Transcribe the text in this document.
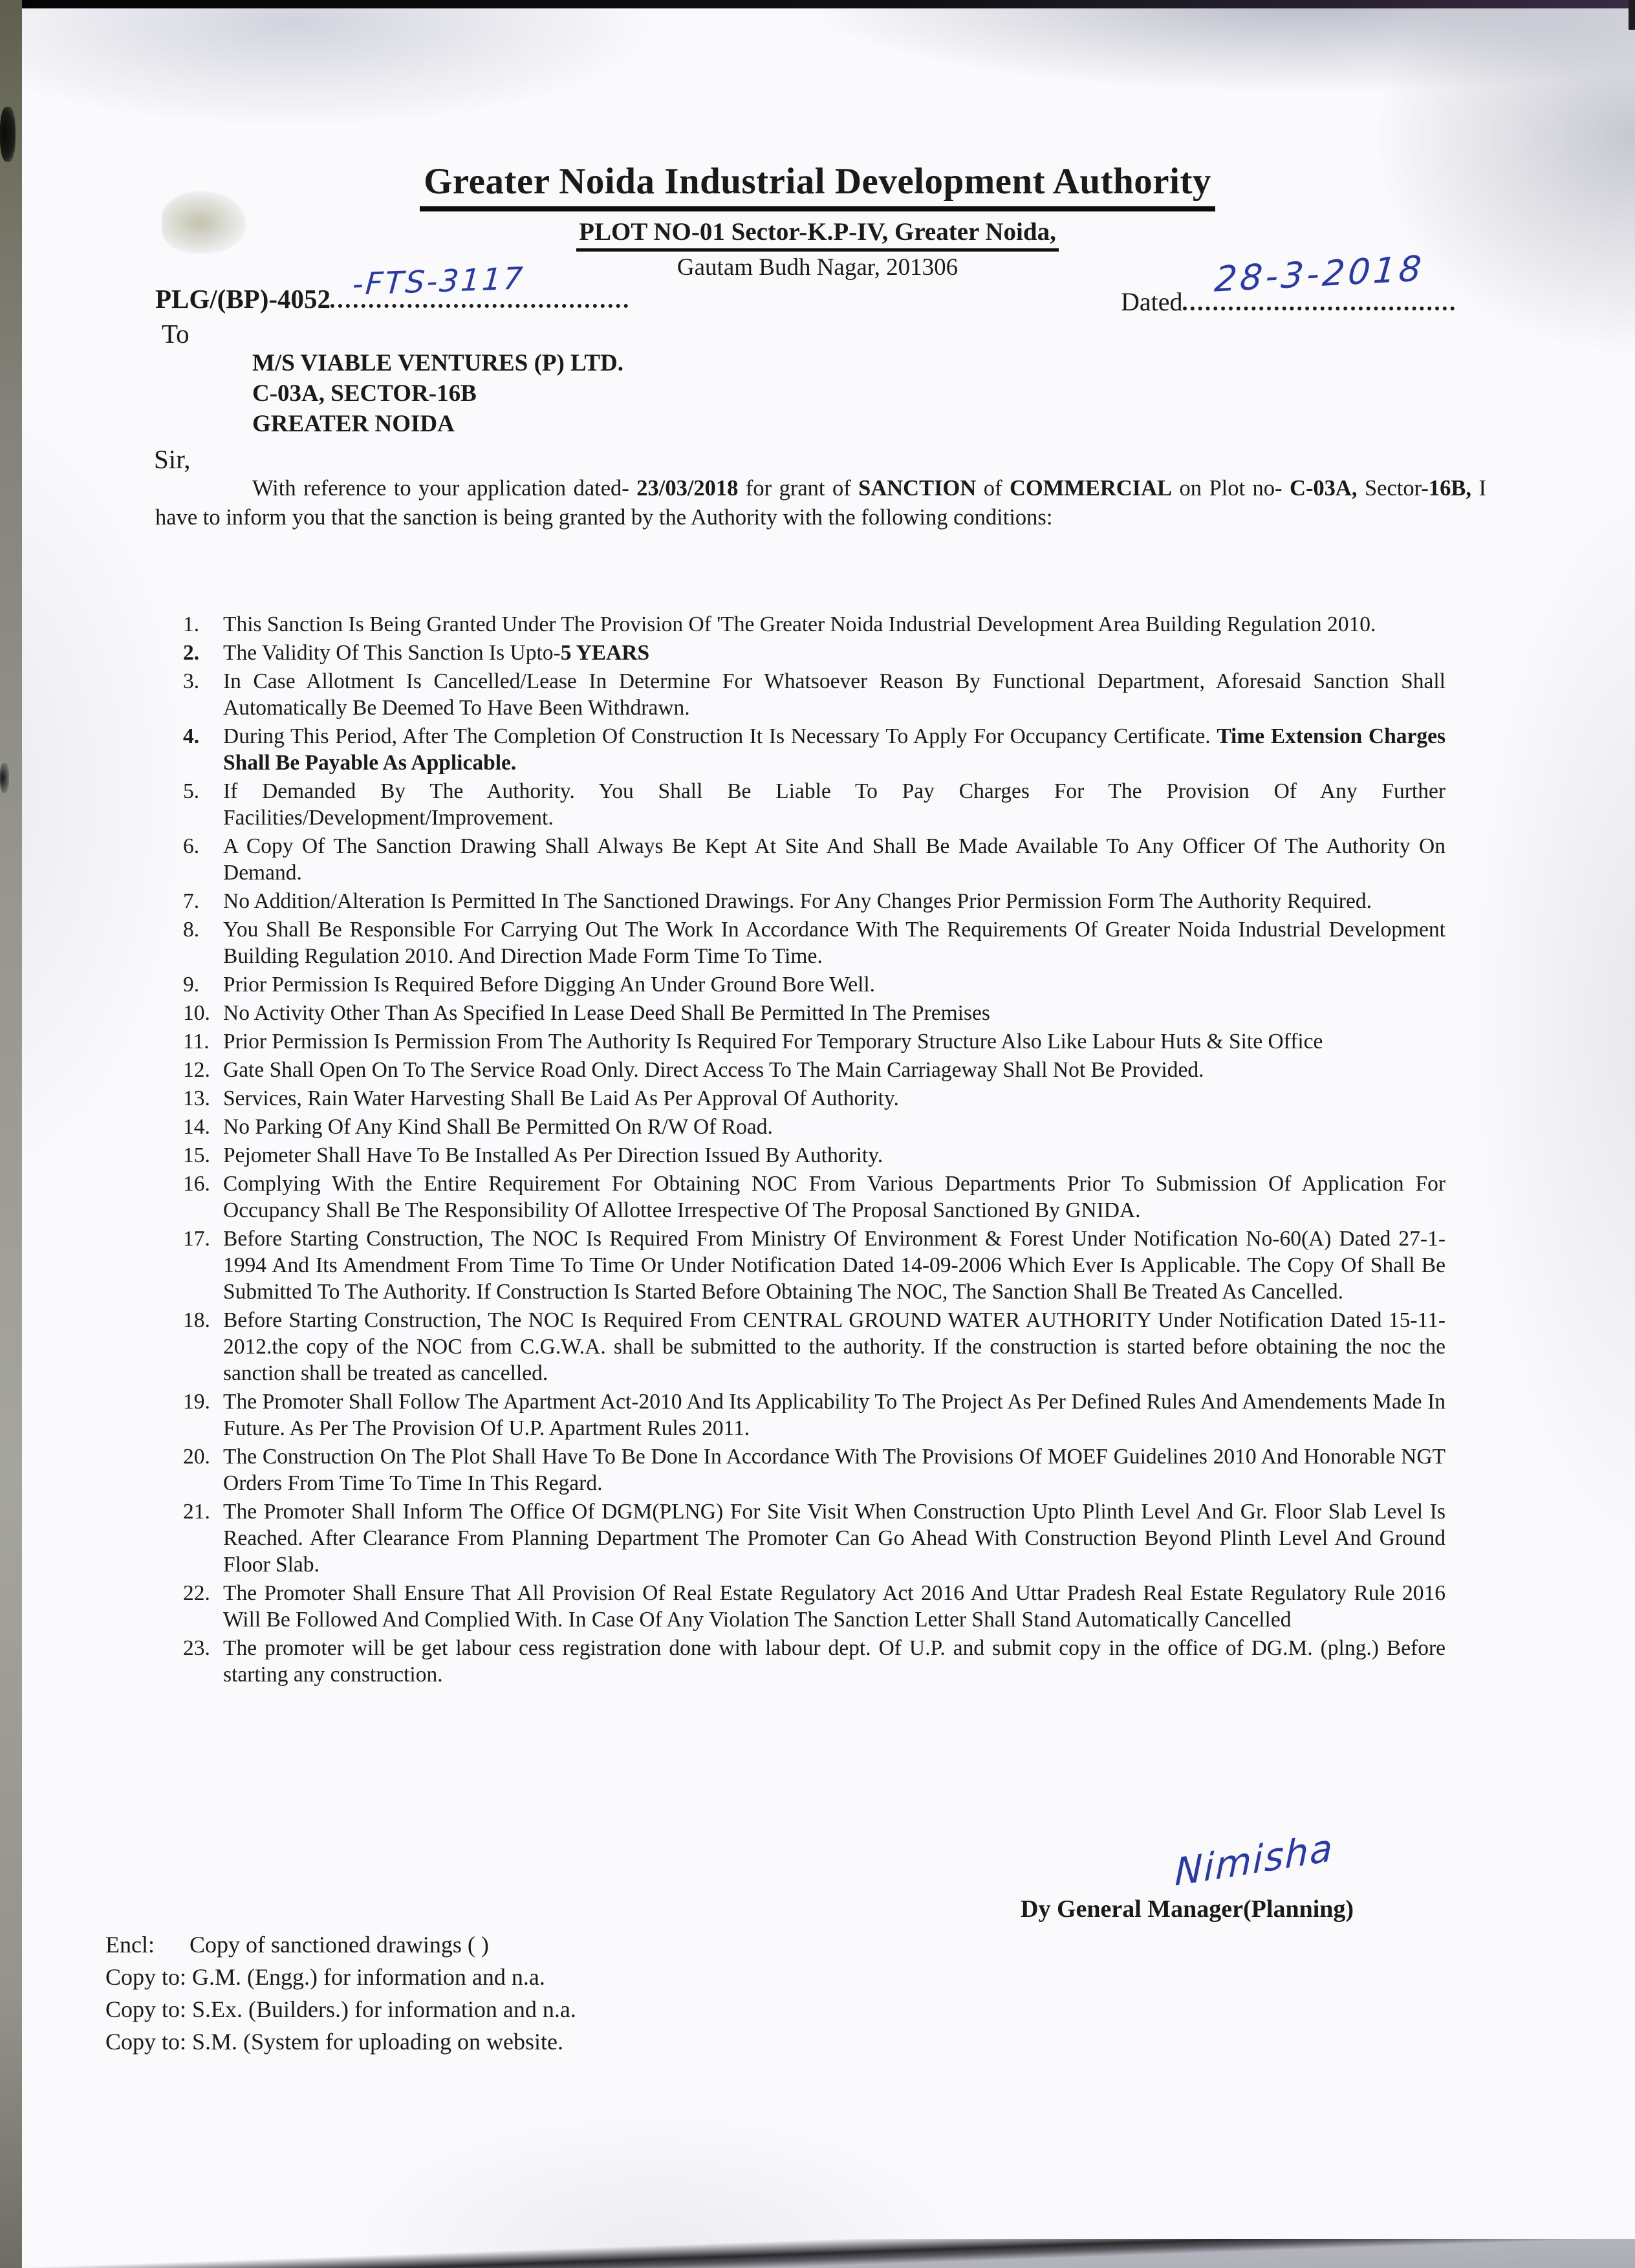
Greater Noida Industrial Development Authority
PLOT NO-01 Sector-K.P-IV, Greater Noida,
Gautam Budh Nagar, 201306
PLG/(BP)-4052 -FTS-3117	Dated
28-3-2018
To
M/S VIABLE VENTURES (P) LTD.
C-03A, SECTOR-16B
GREATER NOIDA
Sir,
With reference to your application dated- 23/03/2018 for grant of SANCTION of COMMERCIAL on Plot no- C-03A, Sector-16B, I have to inform you that the sanction is being granted by the Authority with the following conditions:
1.	This Sanction Is Being Granted Under The Provision Of 'The Greater Noida Industrial Development Area Building Regulation 2010.
2.	The Validity Of This Sanction Is Upto-5 YEARS
3.	In Case Allotment Is Cancelled/Lease In Determine For Whatsoever Reason By Functional Department, Aforesaid Sanction Shall Automatically Be Deemed To Have Been Withdrawn.
4.	During This Period, After The Completion Of Construction It Is Necessary To Apply For Occupancy Certificate. Time Extension Charges Shall Be Payable As Applicable.
5.	If Demanded By The Authority. You Shall Be Liable To Pay Charges For The Provision Of Any Further Facilities/Development/Improvement.
6.	A Copy Of The Sanction Drawing Shall Always Be Kept At Site And Shall Be Made Available To Any Officer Of The Authority On Demand.
7.	No Addition/Alteration Is Permitted In The Sanctioned Drawings. For Any Changes Prior Permission Form The Authority Required.
8.	You Shall Be Responsible For Carrying Out The Work In Accordance With The Requirements Of Greater Noida Industrial Development Building Regulation 2010. And Direction Made Form Time To Time.
9.	Prior Permission Is Required Before Digging An Under Ground Bore Well.
10. No Activity Other Than As Specified In Lease Deed Shall Be Permitted In The Premises
11. Prior Permission Is Permission From The Authority Is Required For Temporary Structure Also Like Labour Huts & Site Office
12. Gate Shall Open On To The Service Road Only. Direct Access To The Main Carriageway Shall Not Be Provided.
13. Services, Rain Water Harvesting Shall Be Laid As Per Approval Of Authority.
14. No Parking Of Any Kind Shall Be Permitted On R/W Of Road.
15. Pejometer Shall Have To Be Installed As Per Direction Issued By Authority.
16. Complying With the Entire Requirement For Obtaining NOC From Various Departments Prior To Submission Of Application For Occupancy Shall Be The Responsibility Of Allottee Irrespective Of The Proposal Sanctioned By GNIDA.
17. Before Starting Construction, The NOC Is Required From Ministry Of Environment & Forest Under Notification No-60(A) Dated 27-1-1994 And Its Amendment From Time To Time Or Under Notification Dated 14-09-2006 Which Ever Is Applicable. The Copy Of Shall Be Submitted To The Authority. If Construction Is Started Before Obtaining The NOC, The Sanction Shall Be Treated As Cancelled.
18. Before Starting Construction, The NOC Is Required From CENTRAL GROUND WATER AUTHORITY Under Notification Dated 15-11-2012.the copy of the NOC from C.G.W.A. shall be submitted to the authority. If the construction is started before obtaining the noc the sanction shall be treated as cancelled.
19. The Promoter Shall Follow The Apartment Act-2010 And Its Applicability To The Project As Per Defined Rules And Amendements Made In Future. As Per The Provision Of U.P. Apartment Rules 2011.
20. The Construction On The Plot Shall Have To Be Done In Accordance With The Provisions Of MOEF Guidelines 2010 And Honorable NGT Orders From Time To Time In This Regard.
21. The Promoter Shall Inform The Office Of DGM(PLNG) For Site Visit When Construction Upto Plinth Level And Gr. Floor Slab Level Is Reached. After Clearance From Planning Department The Promoter Can Go Ahead With Construction Beyond Plinth Level And Ground Floor Slab.
22. The Promoter Shall Ensure That All Provision Of Real Estate Regulatory Act 2016 And Uttar Pradesh Real Estate Regulatory Rule 2016 Will Be Followed And Complied With. In Case Of Any Violation The Sanction Letter Shall Stand Automatically Cancelled
23. The promoter will be get labour cess registration done with labour dept. Of U.P. and submit copy in the office of DG.M. (plng.) Before starting any construction.
Nimisha
Dy General Manager(Planning)
Encl:      Copy of sanctioned drawings ( )
Copy to: G.M. (Engg.) for information and n.a.
Copy to: S.Ex. (Builders.) for information and n.a.
Copy to: S.M. (System for uploading on website.
